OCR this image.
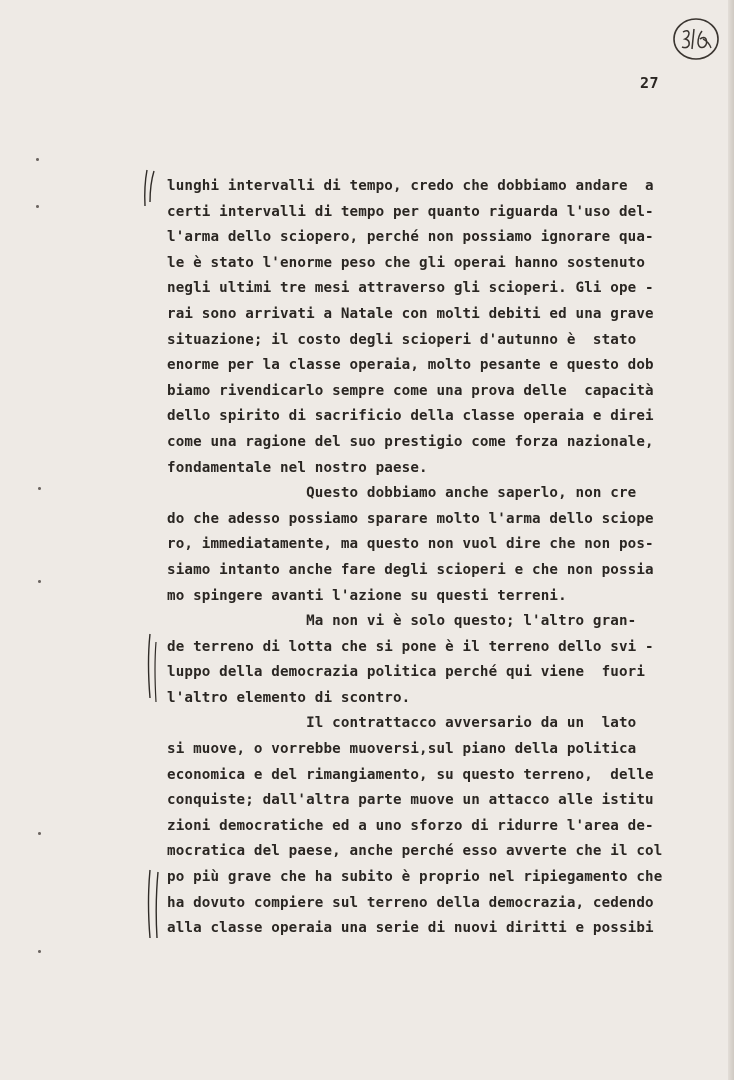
27
lunghi intervalli di tempo, credo che dobbiamo andare  a
certi intervalli di tempo per quanto riguarda l'uso del-
l'arma dello sciopero, perché non possiamo ignorare qua-
le è stato l'enorme peso che gli operai hanno sostenuto
negli ultimi tre mesi attraverso gli scioperi. Gli ope -
rai sono arrivati a Natale con molti debiti ed una grave
situazione; il costo degli scioperi d'autunno è  stato
enorme per la classe operaia, molto pesante e questo dob
biamo rivendicarlo sempre come una prova delle  capacità
dello spirito di sacrificio della classe operaia e direi
come una ragione del suo prestigio come forza nazionale,
fondamentale nel nostro paese.
Questo dobbiamo anche saperlo, non cre
do che adesso possiamo sparare molto l'arma dello sciope
ro, immediatamente, ma questo non vuol dire che non pos-
siamo intanto anche fare degli scioperi e che non possia
mo spingere avanti l'azione su questi terreni.
Ma non vi è solo questo; l'altro gran-
de terreno di lotta che si pone è il terreno dello svi -
luppo della democrazia politica perché qui viene  fuori
l'altro elemento di scontro.
Il contrattacco avversario da un  lato
si muove, o vorrebbe muoversi,sul piano della politica
economica e del rimangiamento, su questo terreno,  delle
conquiste; dall'altra parte muove un attacco alle istitu
zioni democratiche ed a uno sforzo di ridurre l'area de-
mocratica del paese, anche perché esso avverte che il col
po più grave che ha subito è proprio nel ripiegamento che
ha dovuto compiere sul terreno della democrazia, cedendo
alla classe operaia una serie di nuovi diritti e possibi
